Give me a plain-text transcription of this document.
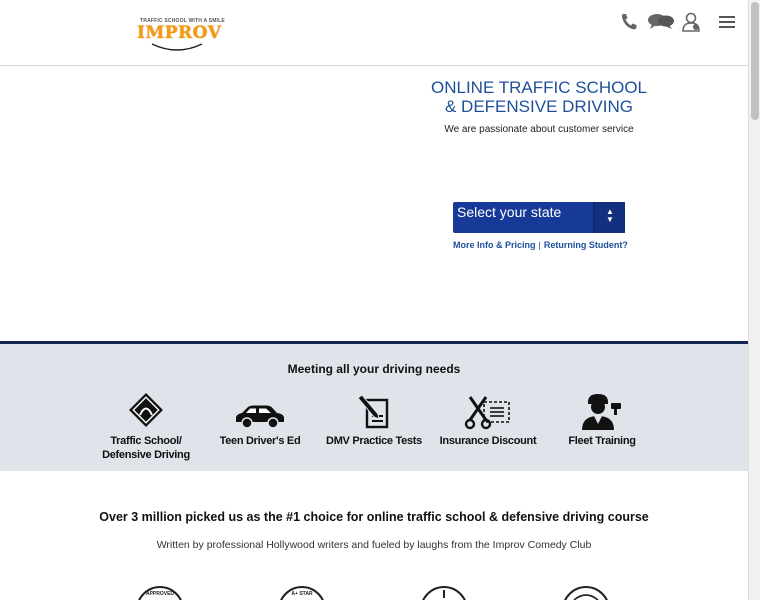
TRAFFIC SCHOOL WITH A SMILE
IMPROV
ONLINE TRAFFIC SCHOOL
& DEFENSIVE DRIVING
We are passionate about customer service
Select your state	▲
▼
More Info & Pricing | Returning Student?
Meeting all your driving needs
Traffic School/
Defensive Driving
Teen Driver's Ed	DMV Practice Tests	Insurance Discount	Fleet Training
Over 3 million picked us as the #1 choice for online traffic school & defensive driving course
Written by professional Hollywood writers and fueled by laughs from the Improv Comedy Club
APPROVED	A+ STAR
